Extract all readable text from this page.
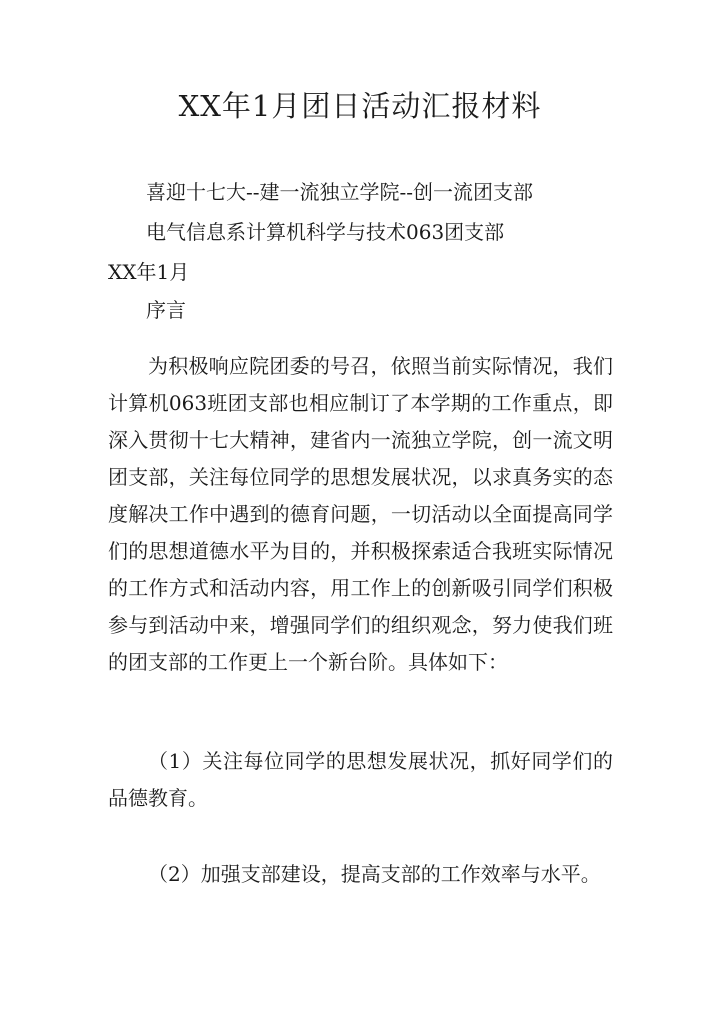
XX年1月团日活动汇报材料
喜迎十七大--建一流独立学院--创一流团支部
电气信息系计算机科学与技术063团支部
XX年1月
序言

为积极响应院团委的号召，依照当前实际情况，我们计算机063班团支部也相应制订了本学期的工作重点，即深入贯彻十七大精神，建省内一流独立学院，创一流文明团支部，关注每位同学的思想发展状况，以求真务实的态度解决工作中遇到的德育问题，一切活动以全面提高同学们的思想道德水平为目的，并积极探索适合我班实际情况的工作方式和活动内容，用工作上的创新吸引同学们积极参与到活动中来，增强同学们的组织观念，努力使我们班的团支部的工作更上一个新台阶。具体如下：

（1）关注每位同学的思想发展状况，抓好同学们的品德教育。

（2）加强支部建设，提高支部的工作效率与水平。
